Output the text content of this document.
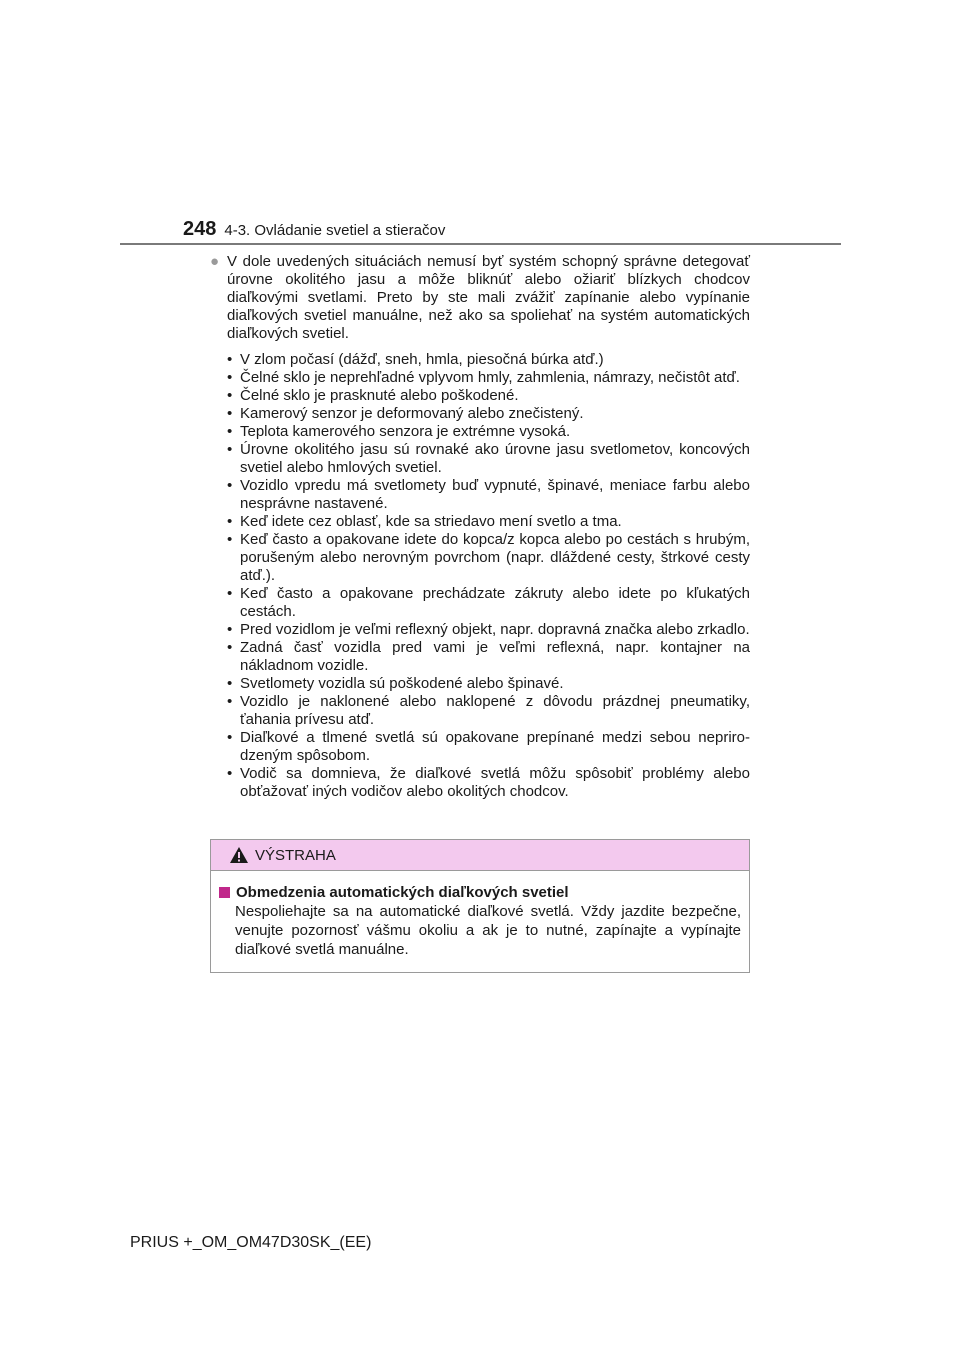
248 4-3. Ovládanie svetiel a stieračov
● V dole uvedených situáciách nemusí byť systém schopný správne detegovať úrovne okolitého jasu a môže bliknúť alebo ožiariť blízkych chodcov diaľkovými svetlami. Preto by ste mali zvážiť zapínanie alebo vypínanie diaľkových svetiel manuálne, než ako sa spoliehať na systém automatických diaľkových svetiel.
• V zlom počasí (dážď, sneh, hmla, piesočná búrka atď.)
• Čelné sklo je neprehľadné vplyvom hmly, zahmlenia, námrazy, nečistôt atď.
• Čelné sklo je prasknuté alebo poškodené.
• Kamerový senzor je deformovaný alebo znečistený.
• Teplota kamerového senzora je extrémne vysoká.
• Úrovne okolitého jasu sú rovnaké ako úrovne jasu svetlometov, koncových svetiel alebo hmlových svetiel.
• Vozidlo vpredu má svetlomety buď vypnuté, špinavé, meniace farbu alebo nesprávne nastavené.
• Keď idete cez oblasť, kde sa striedavo mení svetlo a tma.
• Keď často a opakovane idete do kopca/z kopca alebo po cestách s hrubým, porušeným alebo nerovným povrchom (napr. dláždené cesty, štrkové cesty atď.).
• Keď často a opakovane prechádzate zákruty alebo idete po kľukatých cestách.
• Pred vozidlom je veľmi reflexný objekt, napr. dopravná značka alebo zrkadlo.
• Zadná časť vozidla pred vami je veľmi reflexná, napr. kontajner na nákladnom vozidle.
• Svetlomety vozidla sú poškodené alebo špinavé.
• Vozidlo je naklonené alebo naklopené z dôvodu prázdnej pneumatiky, ťahania prívesu atď.
• Diaľkové a tlmené svetlá sú opakovane prepínané medzi sebou neprirodzeným spôsobom.
• Vodič sa domnieva, že diaľkové svetlá môžu spôsobiť problémy alebo obťažovať iných vodičov alebo okolitých chodcov.
VÝSTRAHA
Obmedzenia automatických diaľkových svetiel
Nespoliehajte sa na automatické diaľkové svetlá. Vždy jazdite bezpečne, venujte pozornosť vášmu okoliu a ak je to nutné, zapínajte a vypínajte diaľkové svetlá manuálne.
PRIUS +_OM_OM47D30SK_(EE)
